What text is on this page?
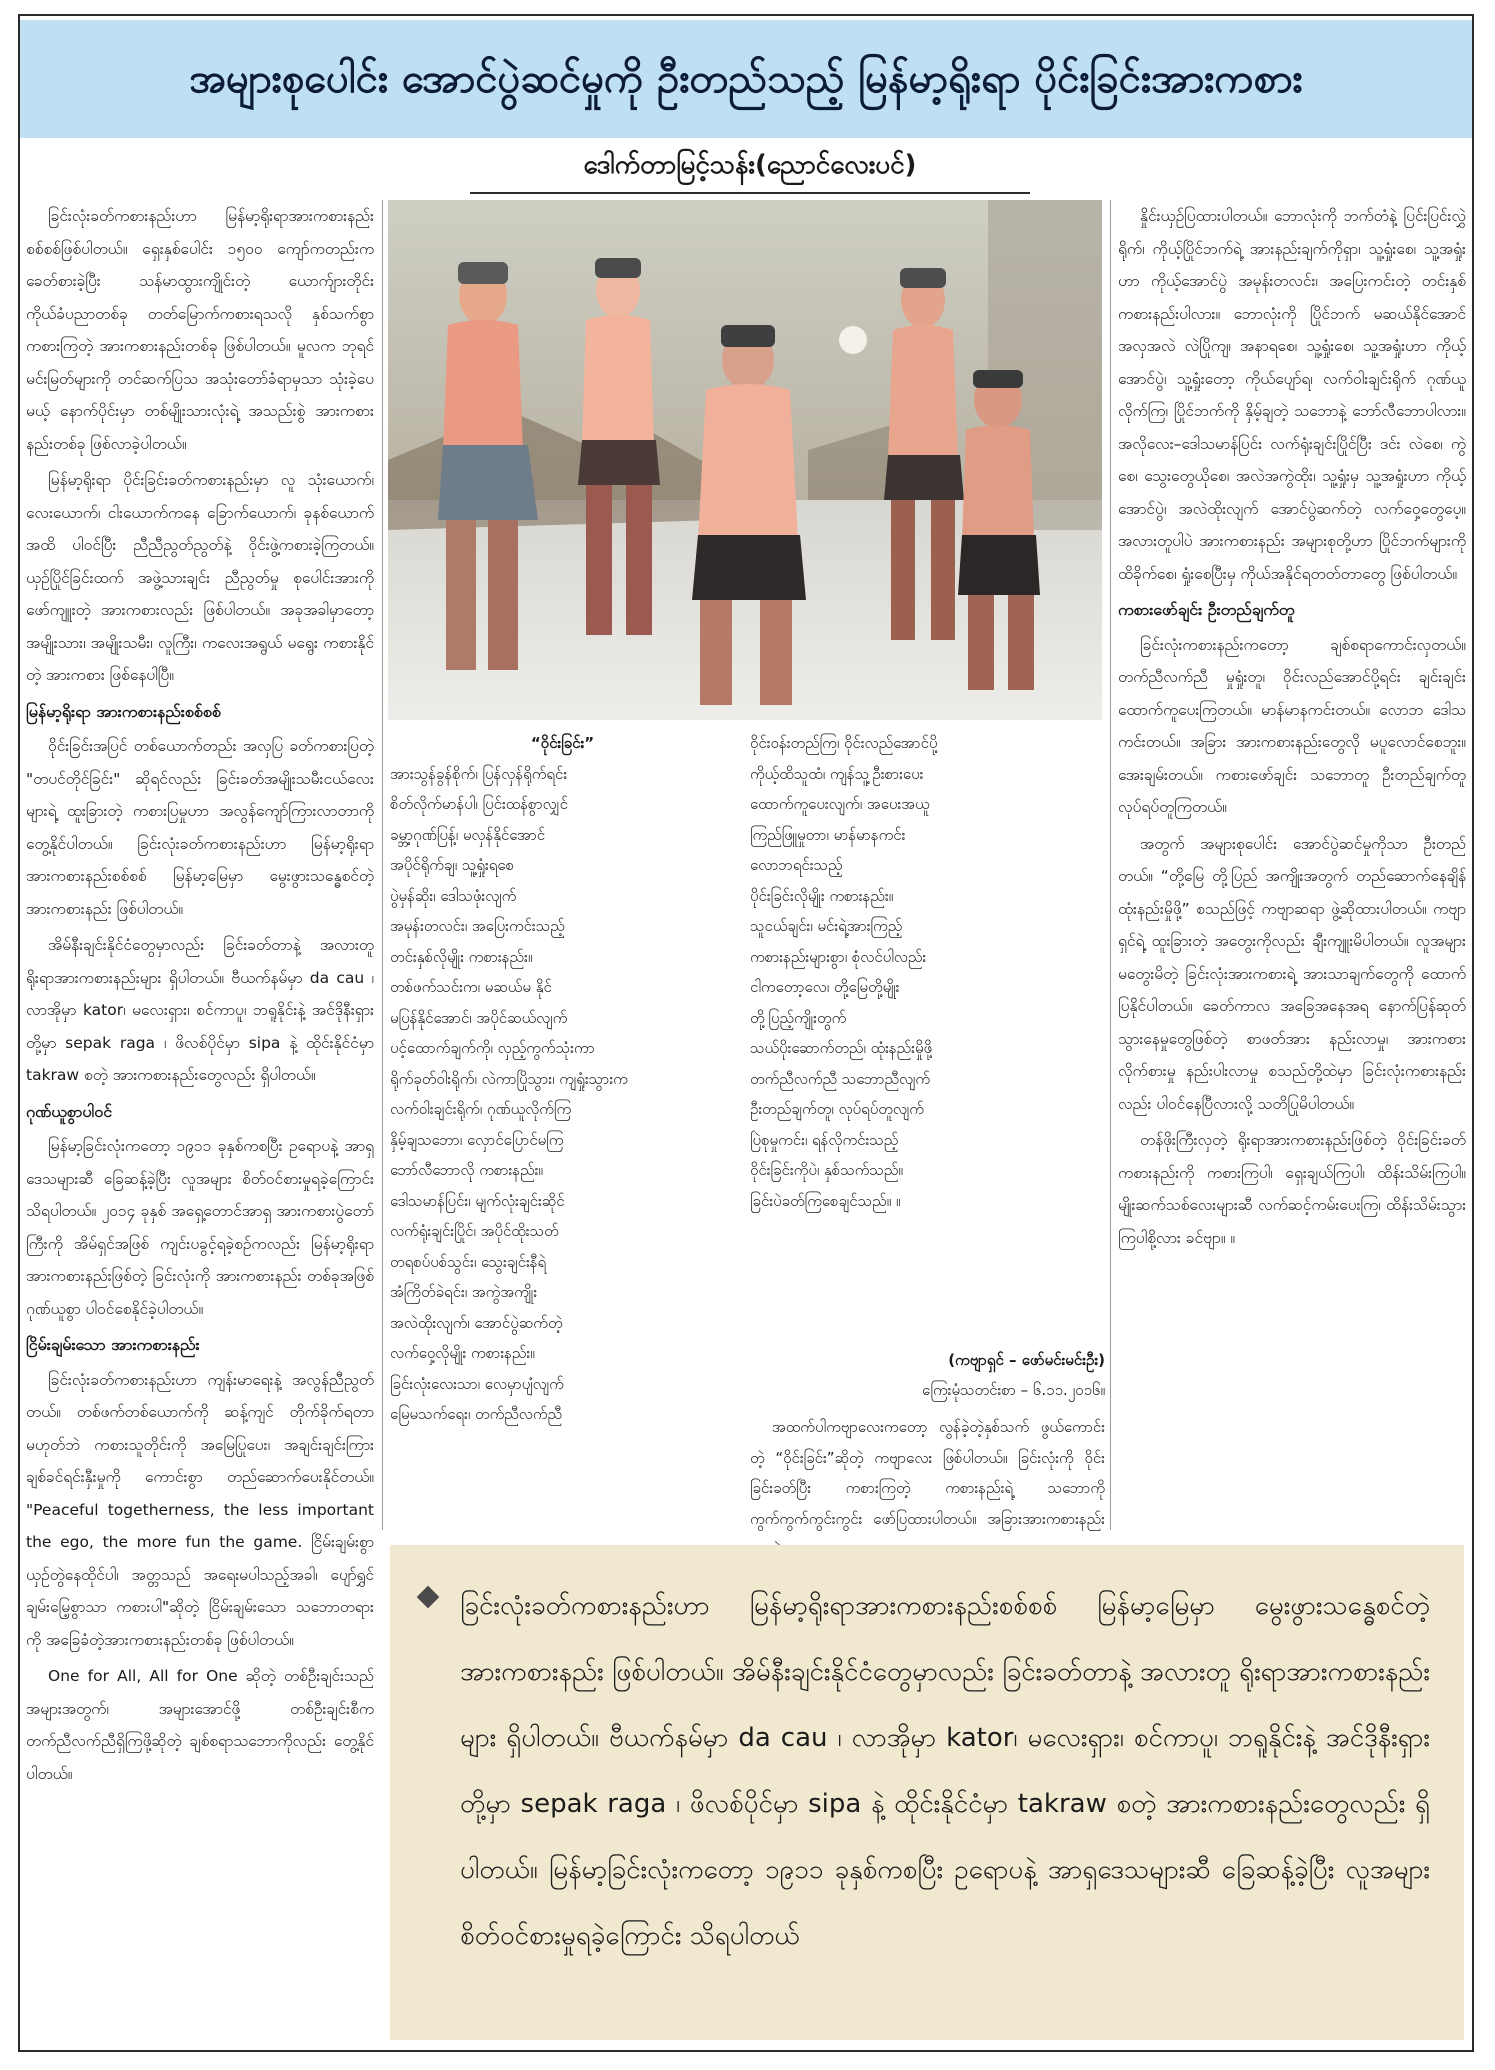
အများစုပေါင်း အောင်ပွဲဆင်မှုကို ဦးတည်သည့် မြန်မာ့ရိုးရာ ပိုင်းခြင်းအားကစား
ဒေါက်တာမြင့်သန်း(ညောင်လေးပင်)

ခြင်းလုံးခတ်ကစားနည်းဟာ မြန်မာ့ရိုးရာအားကစားနည်းစစ်စစ်ဖြစ်ပါတယ်။ ရှေးနှစ်ပေါင်း ၁၅၀၀ ကျော်ကတည်းက ခေတ်စားခဲ့ပြီး သန်မာထွားကျိုင်းတဲ့ ယောက်ျားတိုင်း ကိုယ်ခံပညာတစ်ခု တတ်မြောက်ကစားရသလို နှစ်သက်စွာကစားကြတဲ့ အားကစားနည်းတစ်ခု ဖြစ်ပါတယ်။ မူလက ဘုရင်မင်းမြတ်များကို တင်ဆက်ပြသ အသုံးတော်ခံရာမှသာ သုံးခဲ့ပေမယ့် နောက်ပိုင်းမှာ တစ်မျိုးသားလုံးရဲ့ အသည်းစွဲ အားကစားနည်းတစ်ခု ဖြစ်လာခဲ့ပါတယ်။

မြန်မာ့ရိုးရာ ပိုင်းခြင်းခတ်ကစားနည်းမှာ လူ သုံးယောက်၊ လေးယောက်၊ ငါးယောက်ကနေ ခြောက်ယောက်၊ ခုနစ်ယောက်အထိ ပါဝင်ပြီး ညီညီညွတ်ညွတ်နဲ့ ဝိုင်းဖွဲ့ကစားခဲ့ကြတယ်။ ယှဉ်ပြိုင်ခြင်းထက် အဖွဲ့သားချင်း ညီညွတ်မှု စုပေါင်းအားကို ဖော်ကျူးတဲ့ အားကစားလည်း ဖြစ်ပါတယ်။ အခုအခါမှာတော့ အမျိုးသား၊ အမျိုးသမီး၊ လူကြီး၊ ကလေးအရွယ် မရွေး ကစားနိုင်တဲ့ အားကစား ဖြစ်နေပါပြီ။

မြန်မာ့ရိုးရာ အားကစားနည်းစစ်စစ်

ဝိုင်းခြင်းအပြင် တစ်ယောက်တည်း အလှပြ ခတ်ကစားပြတဲ့ "တပင်တိုင်ခြင်း" ဆိုရင်လည်း ခြင်းခတ်အမျိုးသမီးငယ်လေးများရဲ့ ထူးခြားတဲ့ ကစားပြမှုဟာ အလွန်ကျော်ကြားလာတာကို တွေ့နိုင်ပါတယ်။ ခြင်းလုံးခတ်ကစားနည်းဟာ မြန်မာ့ရိုးရာ အားကစားနည်းစစ်စစ် မြန်မာ့မြေမှာ မွေးဖွားသန္ဓေစင်တဲ့ အားကစားနည်း ဖြစ်ပါတယ်။

အိမ်နီးချင်းနိုင်ငံတွေမှာလည်း ခြင်းခတ်တာနဲ့ အလားတူ ရိုးရာအားကစားနည်းများ ရှိပါတယ်။ ဗီယက်နမ်မှာ da cau ၊ လာအိုမှာ kator၊ မလေးရှား၊ စင်ကာပူ၊ ဘရူနိုင်းနဲ့ အင်ဒိုနီးရှားတို့မှာ sepak raga ၊ ဖိလစ်ပိုင်မှာ sipa နဲ့ ထိုင်းနိုင်ငံမှာ takraw စတဲ့ အားကစားနည်းတွေလည်း ရှိပါတယ်။

ဂုဏ်ယူစွာပါဝင်

မြန်မာ့ခြင်းလုံးကတော့ ၁၉၁၁ ခုနှစ်ကစပြီး ဥရောပနဲ့ အာရှဒေသများဆီ ခြေဆန့်ခဲ့ပြီး လူအများ စိတ်ဝင်စားမှုရခဲ့ကြောင်း သိရပါတယ်။ ၂၀၁၄ ခုနှစ် အရှေ့တောင်အာရှ အားကစားပွဲတော်ကြီးကို အိမ်ရှင်အဖြစ် ကျင်းပခွင့်ရခဲ့စဉ်ကလည်း မြန်မာ့ရိုးရာ အားကစားနည်းဖြစ်တဲ့ ခြင်းလုံးကို အားကစားနည်း တစ်ခုအဖြစ် ဂုဏ်ယူစွာ ပါဝင်စေနိုင်ခဲ့ပါတယ်။

ငြိမ်းချမ်းသော အားကစားနည်း

ခြင်းလုံးခတ်ကစားနည်းဟာ ကျန်းမာရေးနဲ့ အလွန်ညီညွတ်တယ်။ တစ်ဖက်တစ်ယောက်ကို ဆန့်ကျင် တိုက်ခိုက်ရတာမဟုတ်ဘဲ ကစားသူတိုင်းကို အမြေပြုပေး၊ အချင်းချင်းကြား ချစ်ခင်ရင်းနှီးမှုကို ကောင်းစွာ တည်ဆောက်ပေးနိုင်တယ်။ "Peaceful togetherness, the less important the ego, the more fun the game. ငြိမ်းချမ်းစွာ ယှဉ်တွဲနေထိုင်ပါ၊ အတ္တသည် အရေးမပါသည့်အခါ၊ ပျော်ရွှင်ချမ်းမြေ့စွာသာ ကစားပါ"ဆိုတဲ့ ငြိမ်းချမ်းသော သဘောတရားကို အခြေခံတဲ့အားကစားနည်းတစ်ခု ဖြစ်ပါတယ်။

One for All, All for One ဆိုတဲ့ တစ်ဦးချင်းသည် အများအတွက်၊ အများအောင်ဖို့ တစ်ဦးချင်းစီက တက်ညီလက်ညီရှိကြဖို့ဆိုတဲ့ ချစ်စရာသဘောကိုလည်း တွေ့နိုင်ပါတယ်။

“ဝိုင်းခြင်း”
အားသွန်ခွန်စိုက်၊ ပြန်လှန်ရိုက်ရင်း
စိတ်လိုက်မာန်ပါ၊ ပြင်းထန်စွာလျှင်
ခမ္ဘာ့ဂုဏ်ပြန့်၊ မလှန်နိုင်အောင်
အပိုင်ရိုက်ချ၊ သူ့ရှုံးရစေ
ပွဲမှန်ဆိုး၊ ဒေါသဖုံးလျက်
အမုန်းတလင်း၊ အပြေးကင်းသည့်
တင်းနှစ်လိုမျိုး ကစားနည်း။
တစ်ဖက်သင်းက၊ မဆယ်မ နိုင်
မပြန်နိုင်အောင်၊ အပိုင်ဆယ်လျက်
ပင့်ထောက်ချက်ကို၊ လှည့်ကွက်သုံးကာ
ရိုက်ခုတ်ဝါးရိုက်၊ လဲကာပြိုသွား၊ ကျရှုံးသွားက
လက်ဝါးချင်းရိုက်၊ ဂုဏ်ယူလိုက်ကြ
နှိမ့်ချသဘော၊ လှောင်ပြောင်မကြ
ဘော်လီဘောလို ကစားနည်း။
ဒေါသမာန်ပြင်း၊ မျက်လုံးချင်းဆိုင်
လက်ရုံးချင်းပြိုင်၊ အပိုင်ထိုးသတ်
တရစပ်ပစ်သွင်း၊ သွေးချင်းနီရဲ
အံကြိတ်ခဲရင်း၊ အကွဲအကျိုး
အလဲထိုးလျက်၊ အောင်ပွဲဆက်တဲ့
လက်ဝှေ့လိုမျိုး ကစားနည်း။
ခြင်းလုံးလေးသာ၊ လေမှာပျံလျက်
မြေမသက်ရေး၊ တက်ညီလက်ညီ
ဝိုင်းဝန်းတည်ကြ၊ ဝိုင်းလည်အောင်ပို့
ကိုယ့်ထိသူထံ၊ ကျန်သူ့ဦးစားပေး
ထောက်ကူပေးလျက်၊ အပေးအယူ
ကြည်ဖြူမှုတာ၊ မာန်မာနကင်း
လောဘရင်းသည့်
ပိုင်းခြင်းလိုမျိုး ကစားနည်း။
သူငယ်ချင်း၊ မင်းရဲ့အားကြည့်
ကစားနည်းများစွာ၊ စုံလင်ပါလည်း
ငါကတော့လေ၊ တို့မြေတို့မျိုး
တို့ပြည့်ကျိုးတွက်
သယ်ပိုးဆောက်တည်၊ ထုံးနည်းမှိုဖို့
တက်ညီလက်ညီ သဘောညီလျက်
ဦးတည်ချက်တူ၊ လုပ်ရပ်တူလျက်
ပြဲစုမှုကင်း၊ ရန်လိုကင်းသည့်
ဝိုင်းခြင်းကိုပဲ၊ နှစ်သက်သည်။
ခြင်းပဲခတ်ကြစေချင်သည်။ ။
(ကဗျာရှင် – ဖော်မင်းမင်းဦး)
ကြေးမုံသတင်းစာ – ၆.၁၁.၂၀၁၆။

အထက်ပါကဗျာလေးကတော့ လွန်ခဲ့တဲ့နှစ်သက် ဖွယ်ကောင်းတဲ့ “ဝိုင်းခြင်း”ဆိုတဲ့ ကဗျာလေး ဖြစ်ပါတယ်။ ခြင်းလုံးကို ဝိုင်းခြင်းခတ်ပြီး ကစားကြတဲ့ ကစားနည်းရဲ့ သဘောကို ကွက်ကွက်ကွင်းကွင်း ဖော်ပြထားပါတယ်။ အခြားအားကစားနည်း

နှိုင်းယှဉ်ပြထားပါတယ်။ ဘောလုံးကို ဘက်တံနဲ့ ပြင်းပြင်းလွှဲရိုက်၊ ကိုယ့်ပြိုင်ဘက်ရဲ့ အားနည်းချက်ကိုရှာ၊ သူ့ရှုံးစေ၊ သူ့အရှုံးဟာ ကိုယ့်အောင်ပွဲ အမုန်းတလင်း၊ အပြေးကင်းတဲ့ တင်းနှစ်ကစားနည်းပါလား။ ဘောလုံးကို ပြိုင်ဘက် မဆယ်နိုင်အောင် အလှအလဲ လဲပြိုကျ၊ အနာရစေ၊ သူ့ရှုံးစေ၊ သူ့အရှုံးဟာ ကိုယ့်အောင်ပွဲ၊ သူ့ရှုံးတော့ ကိုယ်ပျော်ရ၊ လက်ဝါးချင်းရိုက် ဂုဏ်ယူလိုက်ကြ၊ ပြိုင်ဘက်ကို နှိမ့်ချတဲ့ သဘောနဲ့ ဘော်လီဘောပါလား။ အလိုလေး–ဒေါသမာန်ပြင်း လက်ရုံးချင်းပြိုင်ပြီး ဒင်း လဲစေ၊ ကွဲစေ၊ သွေးတွေယိုစေ၊ အလဲအကွဲထိုး၊ သူ့ရှုံးမှ သူ့အရှုံးဟာ ကိုယ့်အောင်ပွဲ၊ အလဲထိုးလျက် အောင်ပွဲဆက်တဲ့ လက်ဝှေ့တွေပေ့။ အလားတူပါပဲ အားကစားနည်း အများစုတို့ဟာ ပြိုင်ဘက်များကို ထိခိုက်စေ၊ ရှုံးစေပြီးမှ ကိုယ်အနိုင်ရတတ်တာတွေ ဖြစ်ပါတယ်။

ကစားဖော်ချင်း ဦးတည်ချက်တူ

ခြင်းလုံးကစားနည်းကတော့ ချစ်စရာကောင်းလှတယ်။ တက်ညီလက်ညီ မှုရှုံးတူ၊ ဝိုင်းလည်အောင်ပို့ရင်း ချင်းချင်း ထောက်ကူပေးကြတယ်။ မာန်မာနကင်းတယ်။ လောဘ ဒေါသ ကင်းတယ်။ အခြား အားကစားနည်းတွေလို မပူလောင်စေဘူး။ အေးချမ်းတယ်။ ကစားဖော်ချင်း သဘောတူ ဦးတည်ချက်တူ လုပ်ရပ်တူကြတယ်။

အတွက် အများစုပေါင်း အောင်ပွဲဆင်မှုကိုသာ ဦးတည်တယ်။ “တို့မြေ တို့ပြည် အကျိုးအတွက် တည်ဆောက်နေချိန် ထုံးနည်းမှိုဖို့” စသည်ဖြင့် ကဗျာဆရာ ဖွဲ့ဆိုထားပါတယ်။ ကဗျာရှင်ရဲ့ ထူးခြားတဲ့ အတွေးကိုလည်း ချီးကျူးမိပါတယ်။ လူအများ မတွေးမိတဲ့ ခြင်းလုံးအားကစားရဲ့ အားသာချက်တွေကို ထောက်ပြနိုင်ပါတယ်။ ခေတ်ကာလ အခြေအနေအရ နောက်ပြန်ဆုတ်သွားနေမှုတွေဖြစ်တဲ့ စာဖတ်အား နည်းလာမှု၊ အားကစားလိုက်စားမှု နည်းပါးလာမှု စသည်တို့ထဲမှာ ခြင်းလုံးကစားနည်း လည်း ပါဝင်နေပြီလားလို့ သတိပြုမိပါတယ်။

တန်ဖိုးကြီးလှတဲ့ ရိုးရာအားကစားနည်းဖြစ်တဲ့ ဝိုင်းခြင်းခတ်ကစားနည်းကို ကစားကြပါ၊ ရှေးချယ်ကြပါ၊ ထိန်းသိမ်းကြပါ။ မျိုးဆက်သစ်လေးများဆီ လက်ဆင့်ကမ်းပေးကြ၊ ထိန်းသိမ်းသွားကြပါစို့လား ခင်ဗျာ။ ။

ခြင်းလုံးခတ်ကစားနည်းဟာ မြန်မာ့ရိုးရာအားကစားနည်းစစ်စစ် မြန်မာ့မြေမှာ မွေးဖွားသန္ဓေစင်တဲ့ အားကစားနည်း ဖြစ်ပါတယ်။ အိမ်နီးချင်းနိုင်ငံတွေမှာလည်း ခြင်းခတ်တာနဲ့ အလားတူ ရိုးရာအားကစားနည်းများ ရှိပါတယ်။ ဗီယက်နမ်မှာ da cau ၊ လာအိုမှာ kator၊ မလေးရှား၊ စင်ကာပူ၊ ဘရူနိုင်းနဲ့ အင်ဒိုနီးရှားတို့မှာ sepak raga ၊ ဖိလစ်ပိုင်မှာ sipa နဲ့ ထိုင်းနိုင်ငံမှာ takraw စတဲ့ အားကစားနည်းတွေလည်း ရှိပါတယ်။ မြန်မာ့ခြင်းလုံးကတော့ ၁၉၁၁ ခုနှစ်ကစပြီး ဥရောပနဲ့ အာရှဒေသများဆီ ခြေဆန့်ခဲ့ပြီး လူအများ စိတ်ဝင်စားမှုရခဲ့ကြောင်း သိရပါတယ်
